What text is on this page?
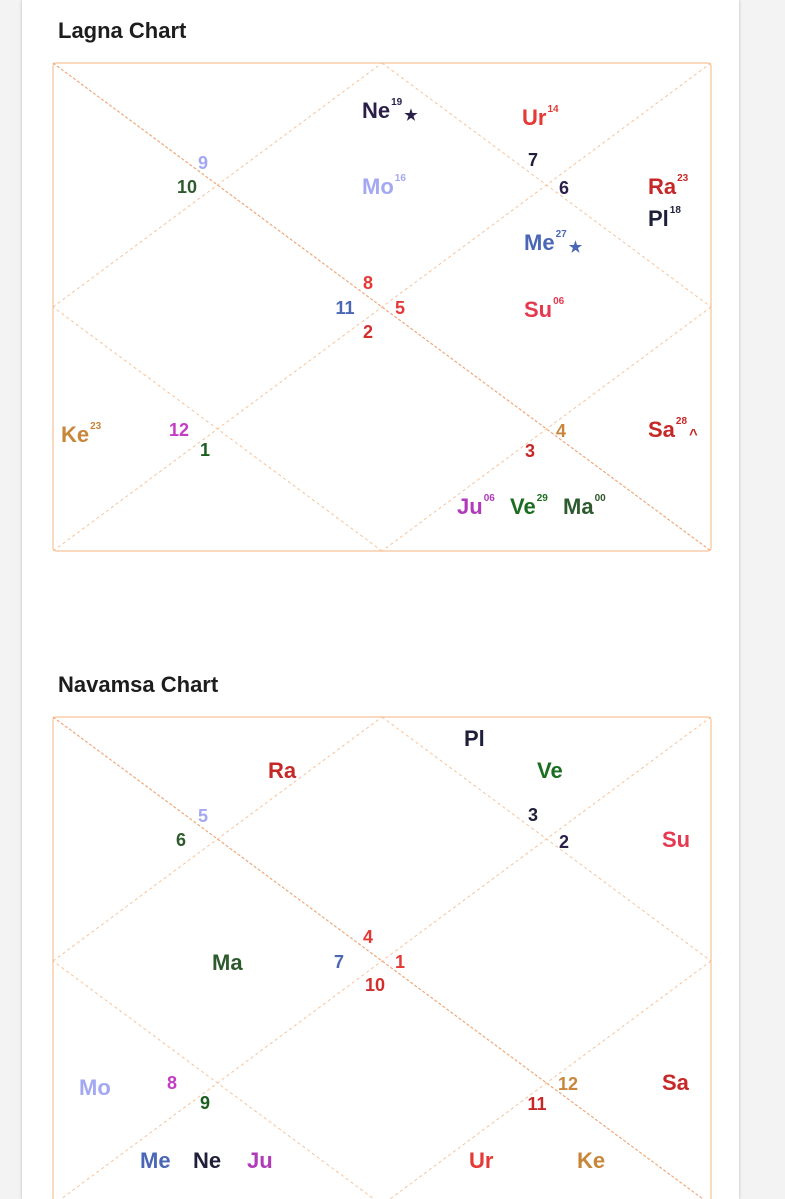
Lagna Chart
9
10
7
6
8
11 5
2
12
1
4
3
Ne$^{19}$★	Ur$^{14}$
Mo$^{16}$	Ra$^{23}$
Pl$^{18}$
Me$^{27}$★
Su$^{06}$
Ke$^{23}$	Sa$^{28}$^
Ju$^{06}$ Ve$^{29}$ Ma$^{00}$
Navamsa Chart
5
6
3
2
4
7	1
10
8
9
12
11
Pl
Ra	Ve
Su
Ma
Mo	Sa
Me Ne Ju	Ur	Ke
